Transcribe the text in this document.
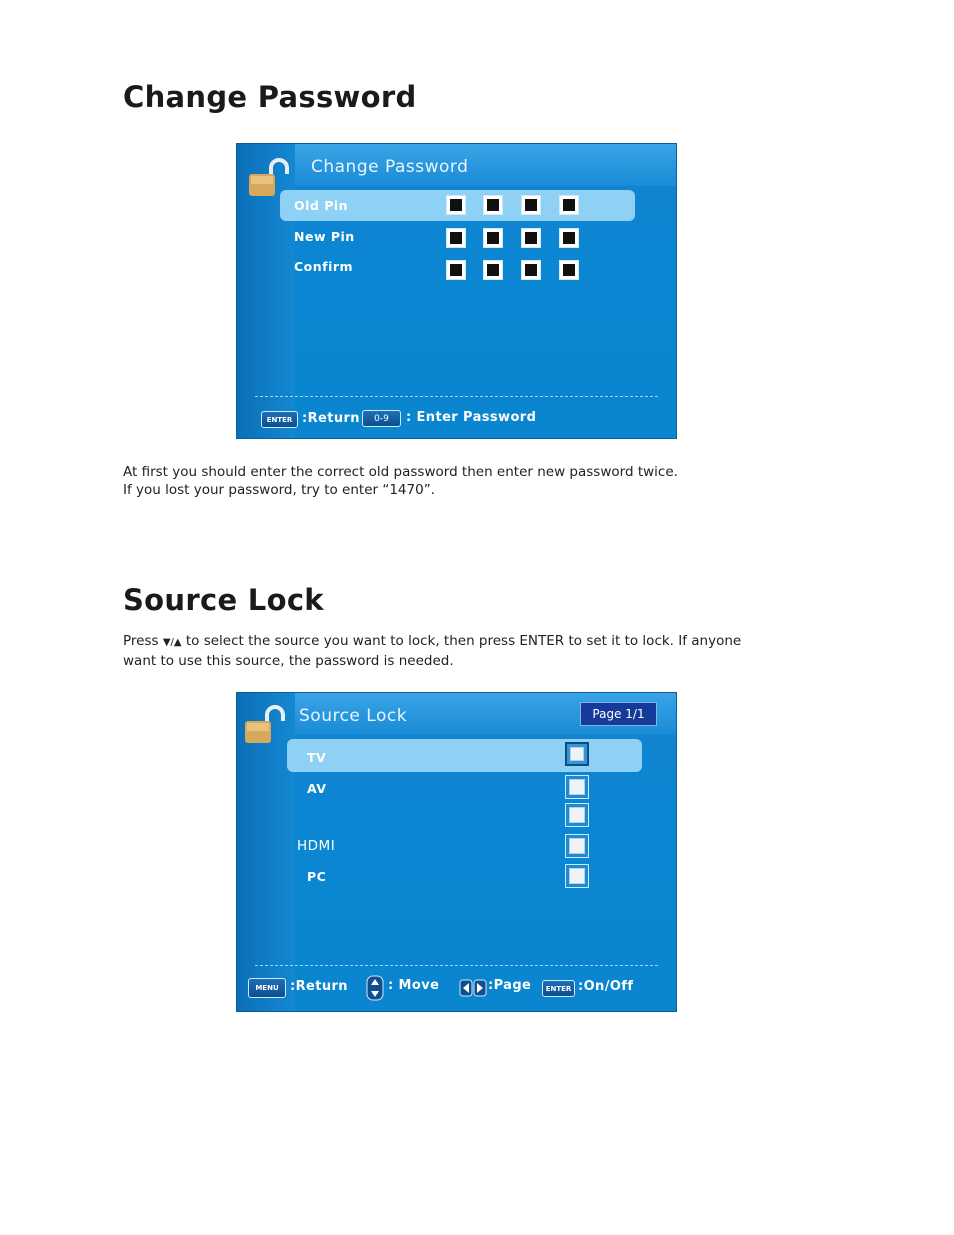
Change Password
Change Password
Old Pin
New Pin
Confirm
ENTER :Return	0-9	: Enter Password
At first you should enter the correct old password then enter new password twice.
If you lost your password, try to enter “1470”.
Source Lock
Press ▼/▲ to select the source you want to lock, then press ENTER to set it to lock. If anyone
want to use this source, the password is needed.
Source Lock	Page 1/1
TV
AV
HDMI
PC
MENU :Return	: Move	:Page	ENTER :On/Off
